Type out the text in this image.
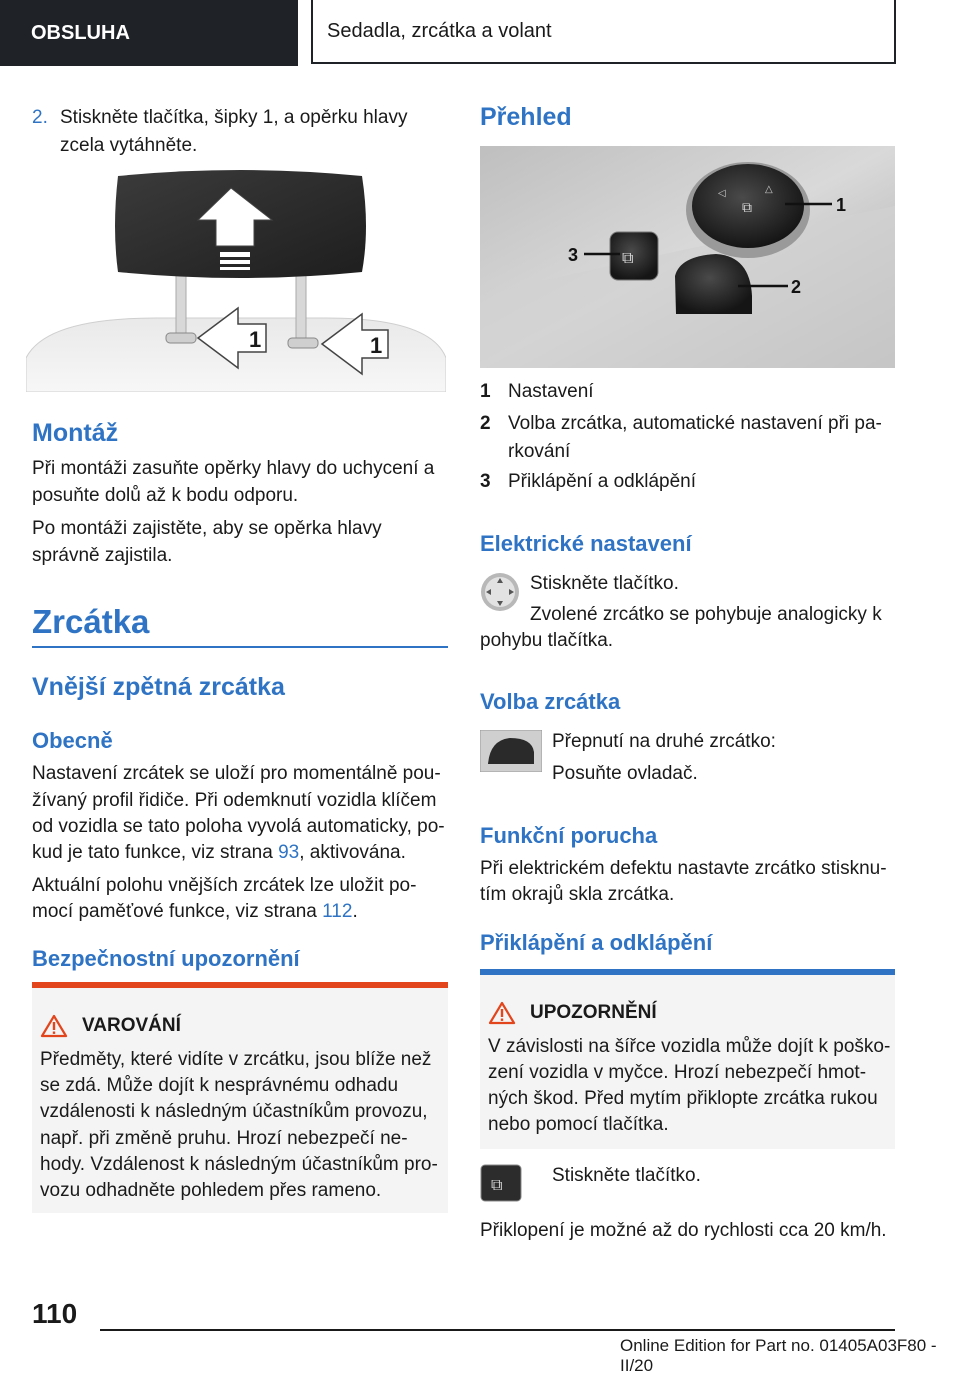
OBSLUHA	Sedadla, zrcátka a volant

2. Stiskněte tlačítka, šipky 1, a opěrku hlavy

zcela vytáhněte.

1	1

Montáž

Při montáži zasuňte opěrky hlavy do uchycení a

posuňte dolů až k bodu odporu.

Po montáži zajistěte, aby se opěrka hlavy

správně zajistila.

Zrcátka

Vnější zpětná zrcátka

Obecně

Nastavení zrcátek se uloží pro momentálně pou-

žívaný profil řidiče. Při odemknutí vozidla klíčem

od vozidla se tato poloha vyvolá automaticky, po-

kud je tato funkce, viz strana 93, aktivována.

Aktuální polohu vnějších zrcátek lze uložit po-

mocí paměťové funkce, viz strana 112.

Bezpečnostní upozornění

VAROVÁNÍ

Předměty, které vidíte v zrcátku, jsou blíže než

se zdá. Může dojít k nesprávnému odhadu

vzdálenosti k následným účastníkům provozu,

např. při změně pruhu. Hrozí nebezpečí ne-

hody. Vzdálenost k následným účastníkům pro-

vozu odhadněte pohledem přes rameno.

Přehled

⧉
◁	△
⧉
1
2
3

1 Nastavení

2 Volba zrcátka, automatické nastavení při pa-

rkování

3 Přiklápění a odklápění

Elektrické nastavení

Stiskněte tlačítko.

Zvolené zrcátko se pohybuje analogicky k

pohybu tlačítka.

Volba zrcátka

Přepnutí na druhé zrcátko:

Posuňte ovladač.

Funkční porucha

Při elektrickém defektu nastavte zrcátko stisknu-

tím okrajů skla zrcátka.

Přiklápění a odklápění

UPOZORNĚNÍ

V závislosti na šířce vozidla může dojít k poško-

zení vozidla v myčce. Hrozí nebezpečí hmot-

ných škod. Před mytím přiklopte zrcátka rukou

nebo pomocí tlačítka.

⧉	Stiskněte tlačítko.

Přiklopení je možné až do rychlosti cca 20 km/h.

110
Online Edition for Part no. 01405A03F80 - II/20
